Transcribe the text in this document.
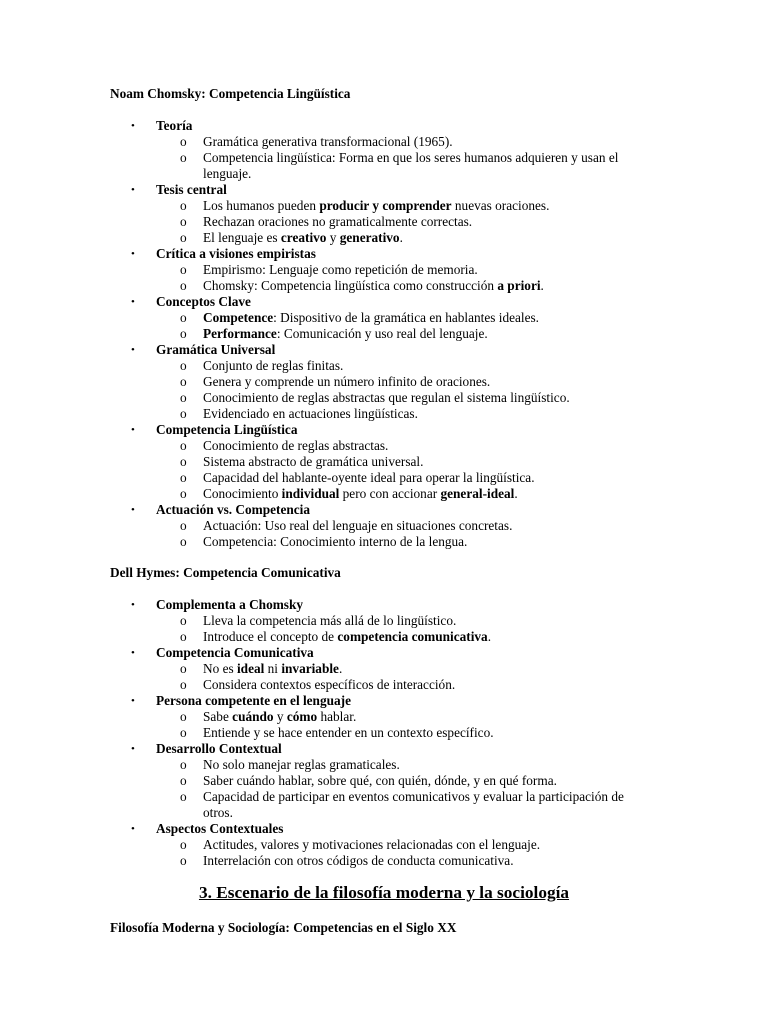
Noam Chomsky: Competencia Lingüística

• Teoría
o Gramática generativa transformacional (1965).
o Competencia lingüística: Forma en que los seres humanos adquieren y usan el lenguaje.
• Tesis central
o Los humanos pueden producir y comprender nuevas oraciones.
o Rechazan oraciones no gramaticalmente correctas.
o El lenguaje es creativo y generativo.
• Crítica a visiones empiristas
o Empirismo: Lenguaje como repetición de memoria.
o Chomsky: Competencia lingüística como construcción a priori.
• Conceptos Clave
o Competence: Dispositivo de la gramática en hablantes ideales.
o Performance: Comunicación y uso real del lenguaje.
• Gramática Universal
o Conjunto de reglas finitas.
o Genera y comprende un número infinito de oraciones.
o Conocimiento de reglas abstractas que regulan el sistema lingüístico.
o Evidenciado en actuaciones lingüísticas.
• Competencia Lingüística
o Conocimiento de reglas abstractas.
o Sistema abstracto de gramática universal.
o Capacidad del hablante-oyente ideal para operar la lingüística.
o Conocimiento individual pero con accionar general-ideal.
• Actuación vs. Competencia
o Actuación: Uso real del lenguaje en situaciones concretas.
o Competencia: Conocimiento interno de la lengua.

Dell Hymes: Competencia Comunicativa

• Complementa a Chomsky
o Lleva la competencia más allá de lo lingüístico.
o Introduce el concepto de competencia comunicativa.
• Competencia Comunicativa
o No es ideal ni invariable.
o Considera contextos específicos de interacción.
• Persona competente en el lenguaje
o Sabe cuándo y cómo hablar.
o Entiende y se hace entender en un contexto específico.
• Desarrollo Contextual
o No solo manejar reglas gramaticales.
o Saber cuándo hablar, sobre qué, con quién, dónde, y en qué forma.
o Capacidad de participar en eventos comunicativos y evaluar la participación de otros.
• Aspectos Contextuales
o Actitudes, valores y motivaciones relacionadas con el lenguaje.
o Interrelación con otros códigos de conducta comunicativa.

3. Escenario de la filosofía moderna y la sociología

Filosofía Moderna y Sociología: Competencias en el Siglo XX
